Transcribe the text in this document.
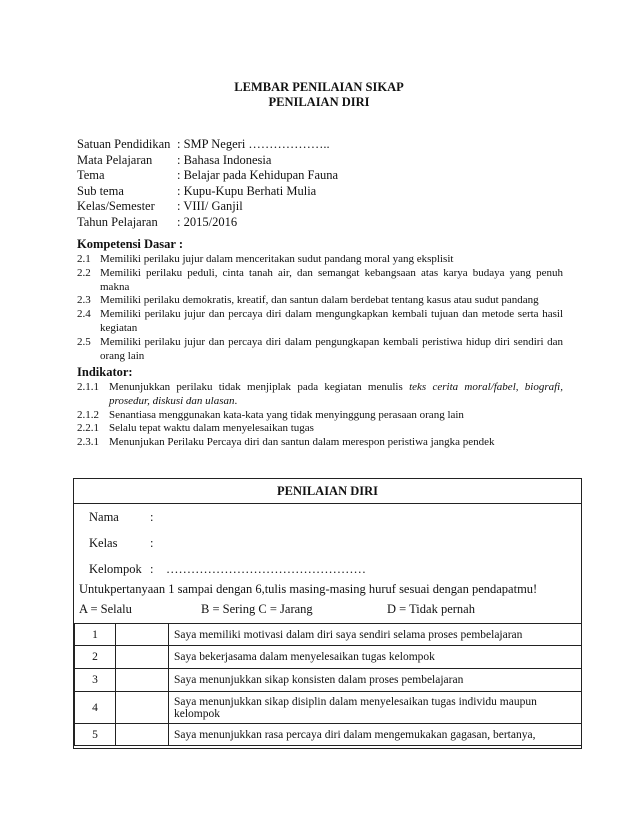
LEMBAR PENILAIAN SIKAP
PENILAIAN DIRI
Satuan Pendidikan : SMP Negeri ………………..
Mata Pelajaran : Bahasa Indonesia
Tema	: Belajar pada Kehidupan Fauna
Sub tema	: Kupu-Kupu Berhati Mulia
Kelas/Semester : VIII/ Ganjil
Tahun Pelajaran : 2015/2016
Kompetensi Dasar :
2.1 Memiliki perilaku jujur dalam menceritakan sudut pandang moral yang eksplisit
2.2 Memiliki perilaku peduli, cinta tanah air, dan semangat kebangsaan atas karya budaya yang penuh makna
2.3 Memiliki perilaku demokratis, kreatif, dan santun dalam berdebat tentang kasus atau sudut pandang
2.4 Memiliki perilaku jujur dan percaya diri dalam mengungkapkan kembali tujuan dan metode serta hasil kegiatan
2.5 Memiliki perilaku jujur dan percaya diri dalam pengungkapan kembali peristiwa hidup diri sendiri dan orang lain
Indikator:
2.1.1 Menunjukkan perilaku tidak menjiplak pada kegiatan menulis teks cerita moral/fabel, biografi, prosedur, diskusi dan ulasan.
2.1.2 Senantiasa menggunakan kata-kata yang tidak menyinggung perasaan orang lain
2.2.1 Selalu tepat waktu dalam menyelesaikan tugas
2.3.1 Menunjukan Perilaku Percaya diri dan santun dalam merespon peristiwa jangka pendek
PENILAIAN DIRI
Nama :
Kelas	:
Kelompok : …………………………………………
Untukpertanyaan 1 sampai dengan 6,tulis masing-masing huruf sesuai dengan pendapatmu!
A = Selalu	B = Sering C = Jarang	D = Tidak pernah
1		Saya memiliki motivasi dalam diri saya sendiri selama proses pembelajaran
2		Saya bekerjasama dalam menyelesaikan tugas kelompok
3		Saya menunjukkan sikap konsisten dalam proses pembelajaran
4		Saya menunjukkan sikap disiplin dalam menyelesaikan tugas individu maupun kelompok
5		Saya menunjukkan rasa percaya diri dalam mengemukakan gagasan, bertanya,
